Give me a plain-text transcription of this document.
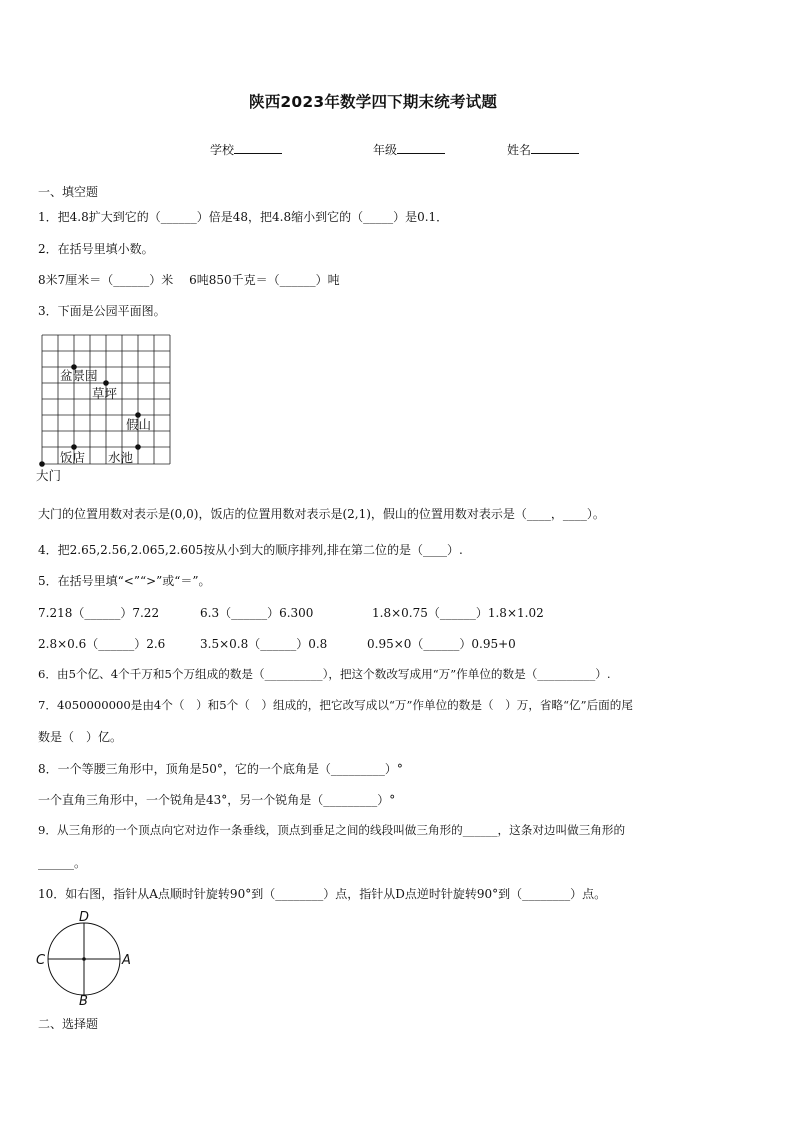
陕西2023年数学四下期末统考试题
学校	年级	姓名
一、填空题
1．把4.8扩大到它的（______）倍是48，把4.8缩小到它的（_____）是0.1．
2．在括号里填小数。
8米7厘米＝（______）米　 6吨850千克＝（______）吨
3．下面是公园平面图。
盆景园
草坪
假山
饭店 水池
大门
大门的位置用数对表示是(0,0)，饭店的位置用数对表示是(2,1)，假山的位置用数对表示是（____，____）。
4．把2.65,2.56,2.065,2.605按从小到大的顺序排列,排在第二位的是（____）.
5．在括号里填“<”“>”或“＝”。
7.218（______）7.22	6.3（______）6.300	1.8×0.75（______）1.8×1.02
2.8×0.6（______）2.6	3.5×0.8（______）0.8	0.95×0（______）0.95+0
6．由5个亿、4个千万和5个万组成的数是（__________），把这个数改写成用“万”作单位的数是（__________）.
7．4050000000是由4个（　）和5个（　）组成的，把它改写成以“万”作单位的数是（　）万，省略“亿”后面的尾
数是（　）亿。
8．一个等腰三角形中，顶角是50°，它的一个底角是（_________）°
一个直角三角形中，一个锐角是43°，另一个锐角是（_________）°
9．从三角形的一个顶点向它对边作一条垂线，顶点到垂足之间的线段叫做三角形的______，这条对边叫做三角形的
______。
10．如右图，指针从A点顺时针旋转90°到（________）点，指针从D点逆时针旋转90°到（________）点。
D
C	A
B
二、选择题
